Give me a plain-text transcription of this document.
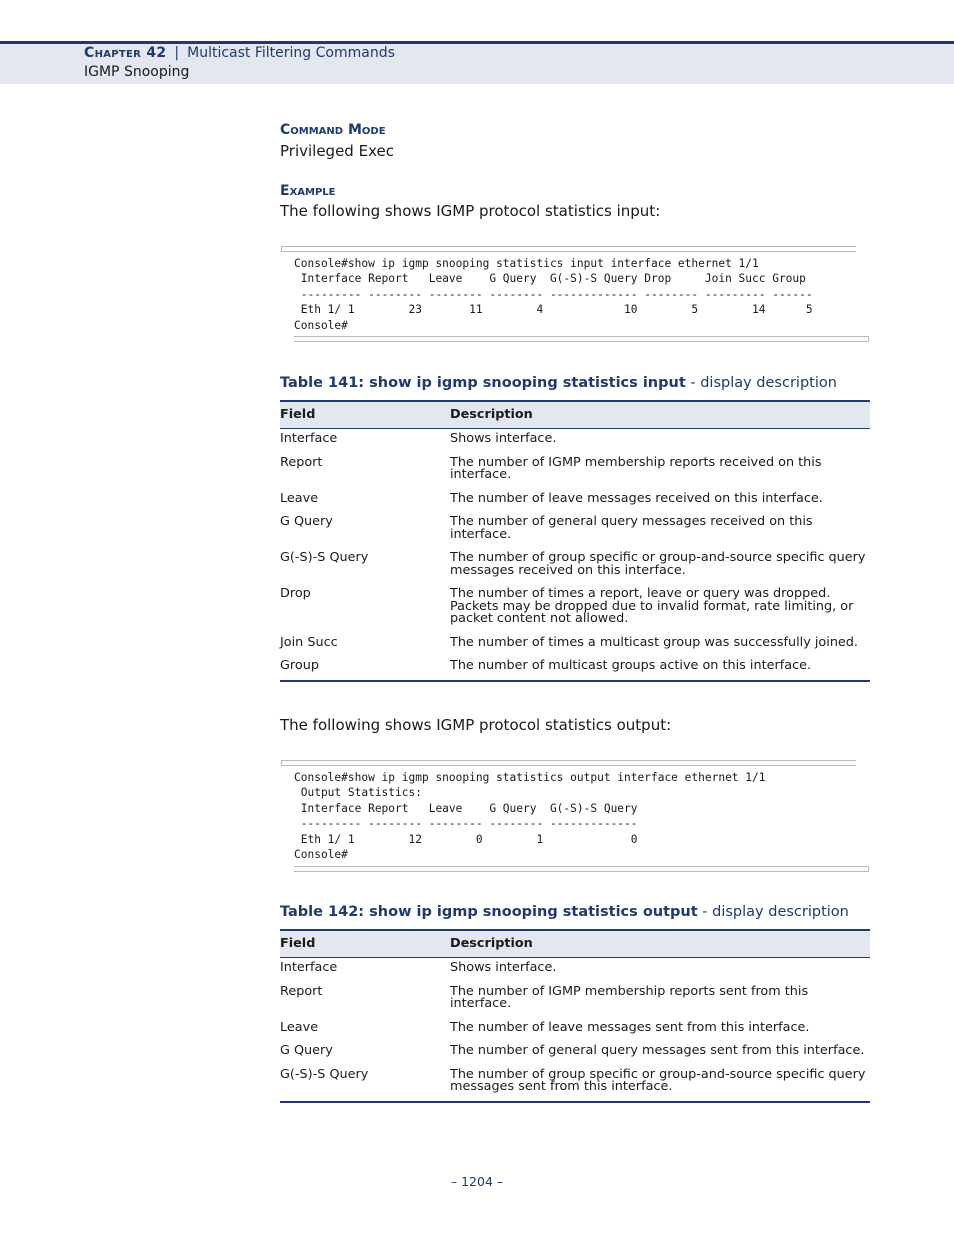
Chapter 42 | Multicast Filtering Commands
IGMP Snooping
Command Mode
Privileged Exec
Example
The following shows IGMP protocol statistics input:
Console#show ip igmp snooping statistics input interface ethernet 1/1
Interface Report   Leave    G Query  G(-S)-S Query Drop     Join Succ Group
--------- -------- -------- -------- ------------- -------- --------- ------
Eth 1/ 1        23       11        4            10        5        14      5
Console#
Table 141: show ip igmp snooping statistics input - display description
Field	Description
Interface	Shows interface.
Report	The number of IGMP membership reports received on this interface.
Leave	The number of leave messages received on this interface.
G Query	The number of general query messages received on this interface.
G(-S)-S Query	The number of group specific or group-and-source specific query messages received on this interface.
Drop	The number of times a report, leave or query was dropped. Packets may be dropped due to invalid format, rate limiting, or packet content not allowed.
Join Succ	The number of times a multicast group was successfully joined.
Group	The number of multicast groups active on this interface.
The following shows IGMP protocol statistics output:
Console#show ip igmp snooping statistics output interface ethernet 1/1
Output Statistics:
Interface Report   Leave    G Query  G(-S)-S Query
--------- -------- -------- -------- -------------
Eth 1/ 1        12        0        1             0
Console#
Table 142: show ip igmp snooping statistics output - display description
Field	Description
Interface	Shows interface.
Report	The number of IGMP membership reports sent from this interface.
Leave	The number of leave messages sent from this interface.
G Query	The number of general query messages sent from this interface.
G(-S)-S Query	The number of group specific or group-and-source specific query messages sent from this interface.
– 1204 –
